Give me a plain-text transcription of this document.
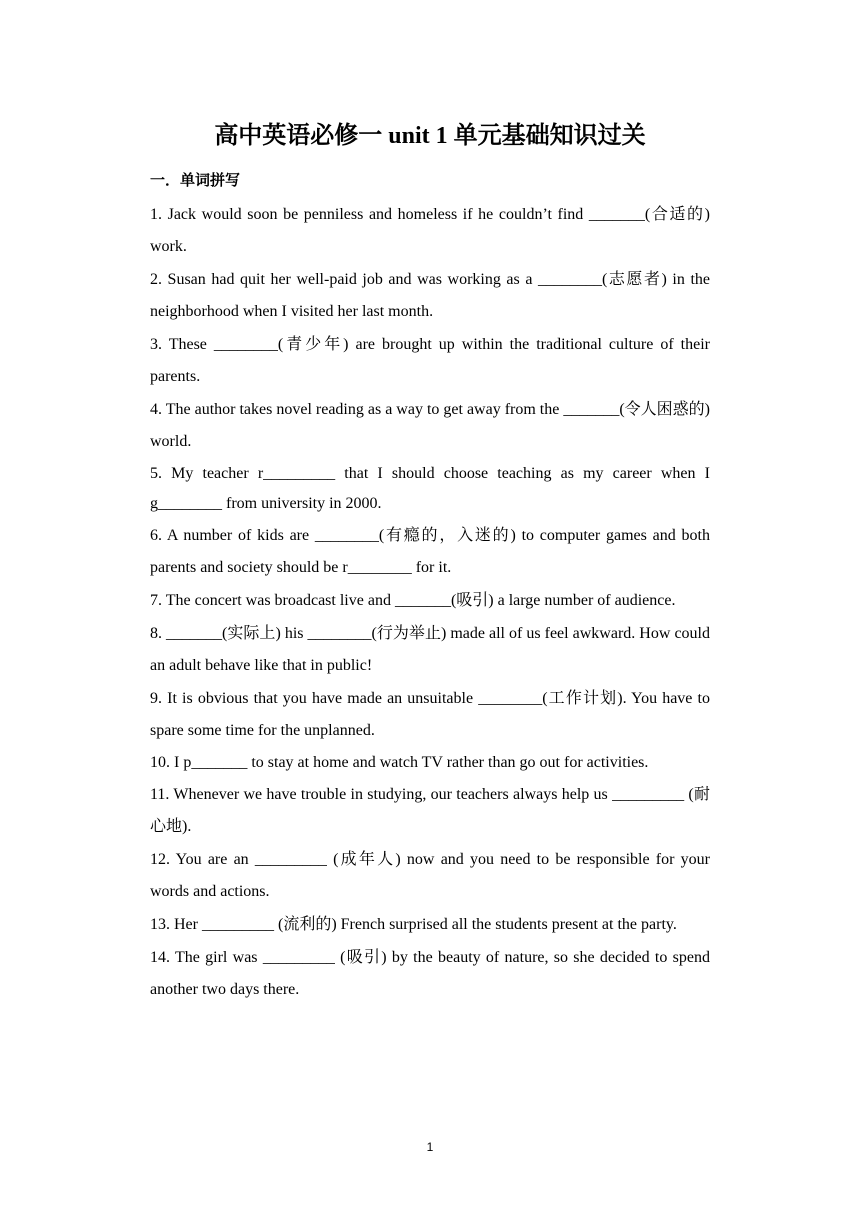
高中英语必修一 unit 1 单元基础知识过关
一．单词拼写
1. Jack would soon be penniless and homeless if he couldn’t find _______(合适的) work.
2. Susan had quit her well-paid job and was working as a ________(志愿者) in the neighborhood when I visited her last month.
3. These ________(青少年) are brought up within the traditional culture of their parents.
4. The author takes novel reading as a way to get away from the _______(令人困惑的) world.
5. My teacher r_________ that I should choose teaching as my career when I g________ from university in 2000.
6. A number of kids are ________(有瘾的，入迷的) to computer games and both parents and society should be r________ for it.
7. The concert was broadcast live and _______(吸引) a large number of audience.
8. _______(实际上) his ________(行为举止) made all of us feel awkward. How could an adult behave like that in public!
9. It is obvious that you have made an unsuitable ________(工作计划). You have to spare some time for the unplanned.
10. I p_______ to stay at home and watch TV rather than go out for activities.
11. Whenever we have trouble in studying, our teachers always help us _________ (耐心地).
12. You are an _________ (成年人) now and you need to be responsible for your words and actions.
13. Her _________ (流利的) French surprised all the students present at the party.
14. The girl was _________ (吸引) by the beauty of nature, so she decided to spend another two days there.
1
